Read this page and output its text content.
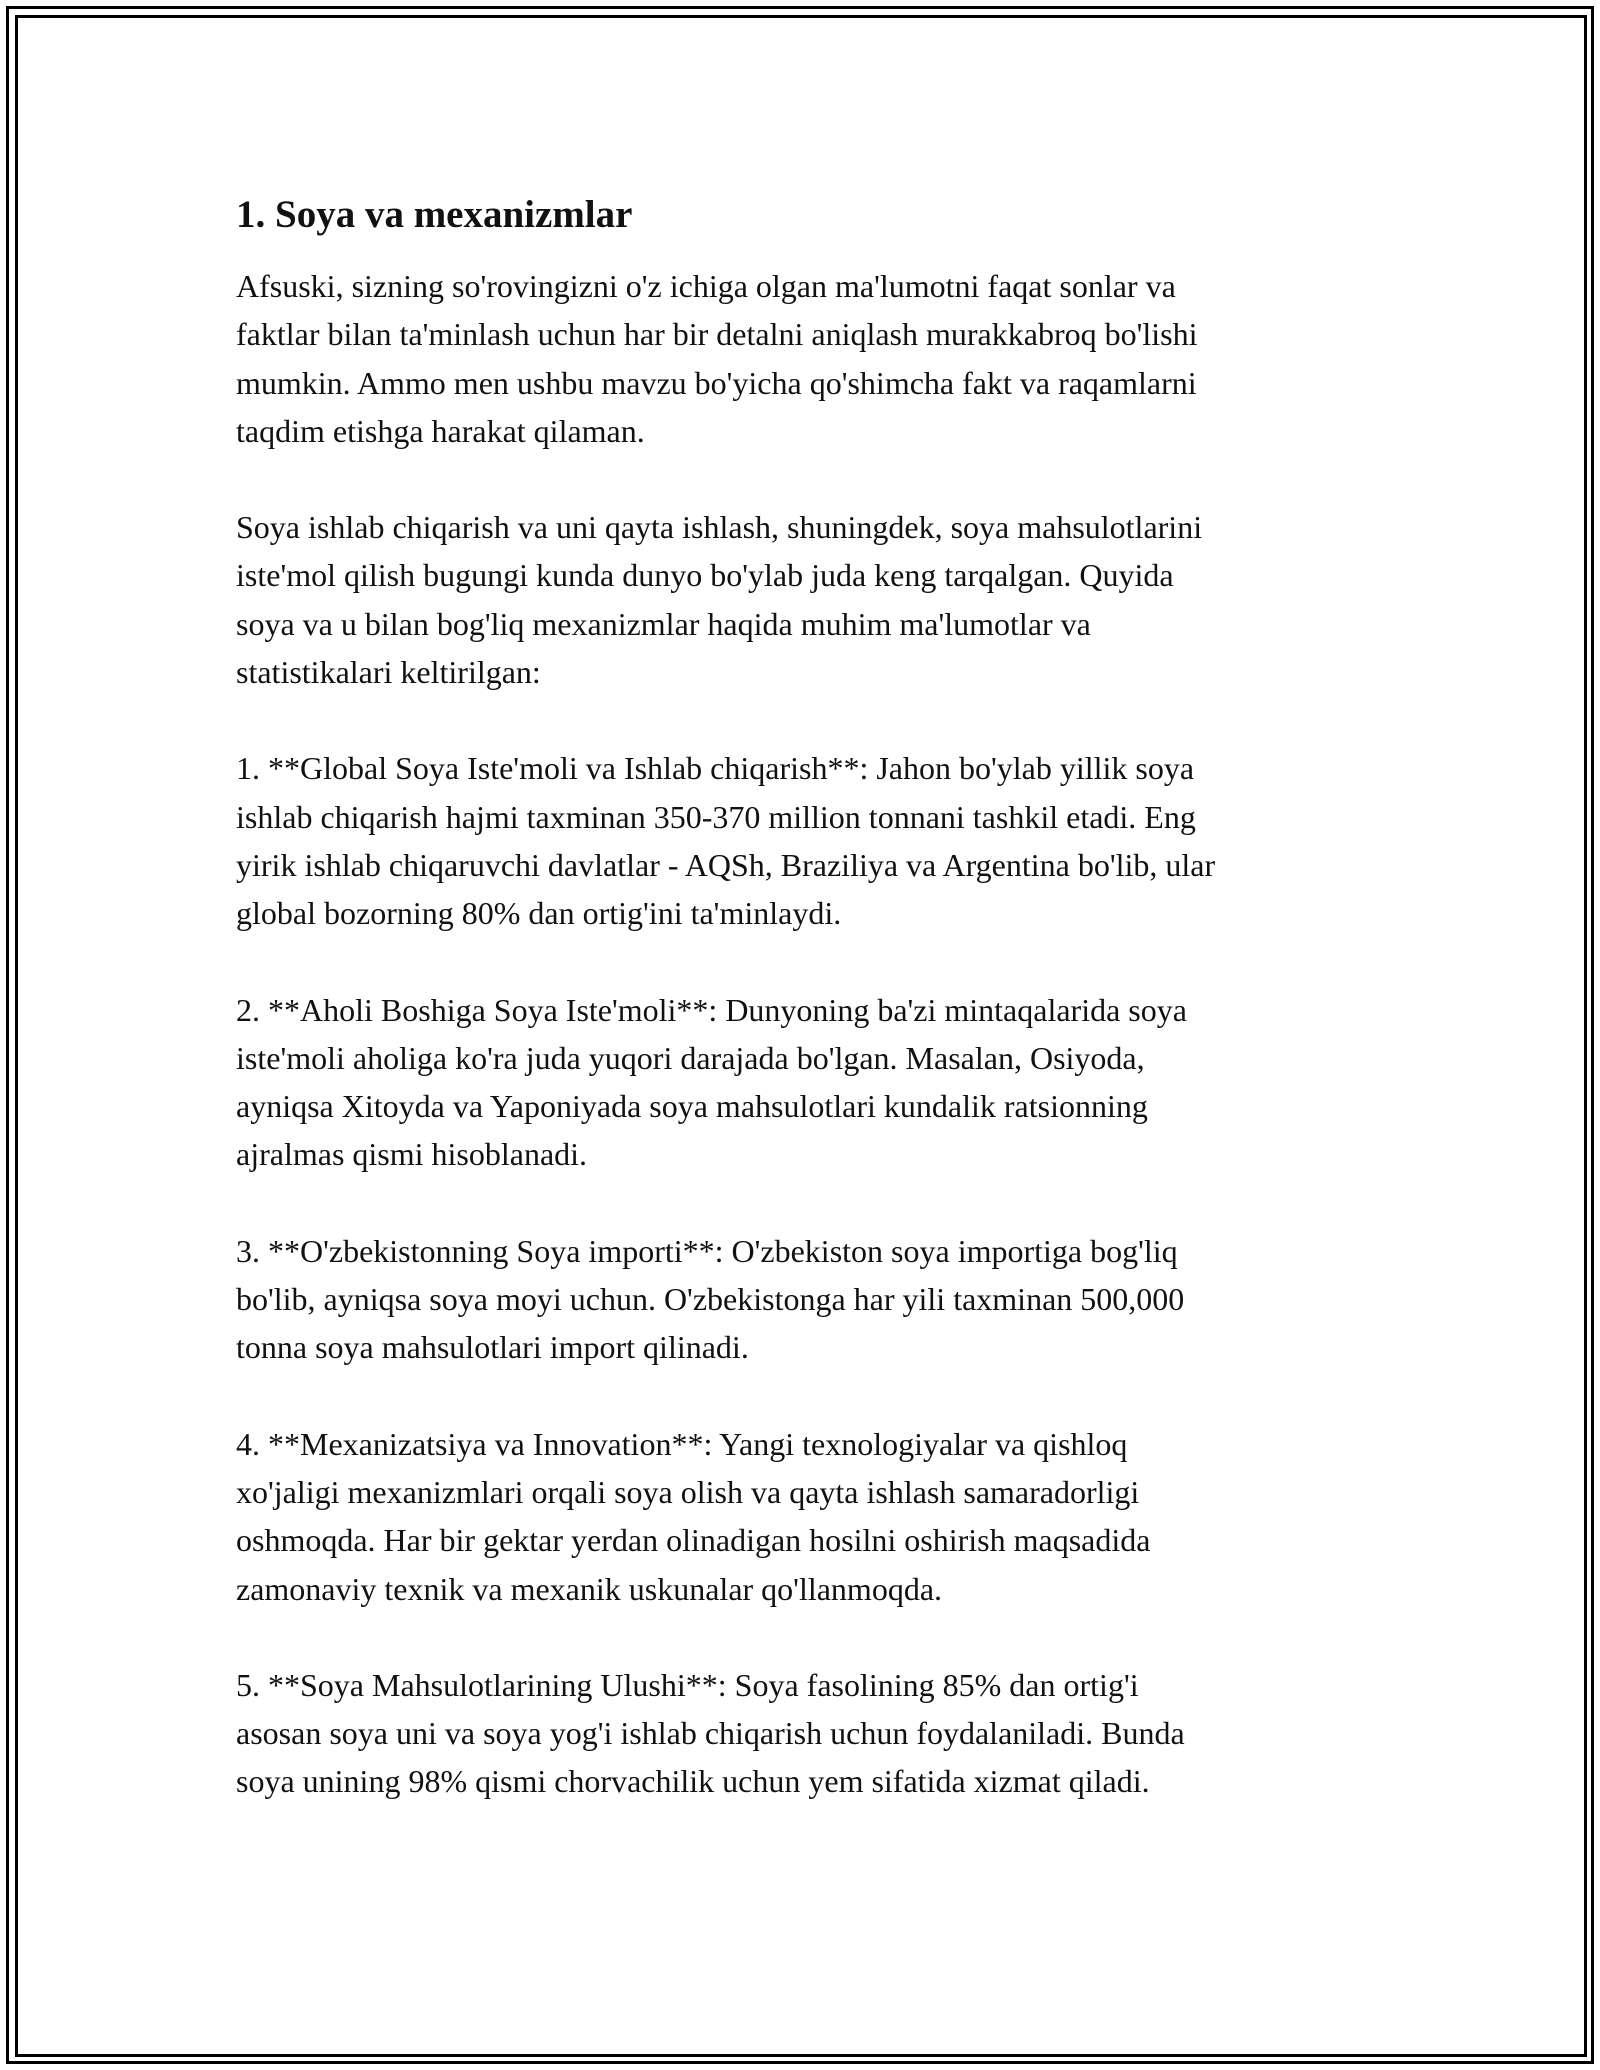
1. Soya va mexanizmlar

Afsuski, sizning so'rovingizni o'z ichiga olgan ma'lumotni faqat sonlar va
faktlar bilan ta'minlash uchun har bir detalni aniqlash murakkabroq bo'lishi
mumkin. Ammo men ushbu mavzu bo'yicha qo'shimcha fakt va raqamlarni
taqdim etishga harakat qilaman.

Soya ishlab chiqarish va uni qayta ishlash, shuningdek, soya mahsulotlarini
iste'mol qilish bugungi kunda dunyo bo'ylab juda keng tarqalgan. Quyida
soya va u bilan bog'liq mexanizmlar haqida muhim ma'lumotlar va
statistikalari keltirilgan:

1. **Global Soya Iste'moli va Ishlab chiqarish**: Jahon bo'ylab yillik soya
ishlab chiqarish hajmi taxminan 350-370 million tonnani tashkil etadi. Eng
yirik ishlab chiqaruvchi davlatlar - AQSh, Braziliya va Argentina bo'lib, ular
global bozorning 80% dan ortig'ini ta'minlaydi.

2. **Aholi Boshiga Soya Iste'moli**: Dunyoning ba'zi mintaqalarida soya
iste'moli aholiga ko'ra juda yuqori darajada bo'lgan. Masalan, Osiyoda,
ayniqsa Xitoyda va Yaponiyada soya mahsulotlari kundalik ratsionning
ajralmas qismi hisoblanadi.

3. **O'zbekistonning Soya importi**: O'zbekiston soya importiga bog'liq
bo'lib, ayniqsa soya moyi uchun. O'zbekistonga har yili taxminan 500,000
tonna soya mahsulotlari import qilinadi.

4. **Mexanizatsiya va Innovation**: Yangi texnologiyalar va qishloq
xo'jaligi mexanizmlari orqali soya olish va qayta ishlash samaradorligi
oshmoqda. Har bir gektar yerdan olinadigan hosilni oshirish maqsadida
zamonaviy texnik va mexanik uskunalar qo'llanmoqda.

5. **Soya Mahsulotlarining Ulushi**: Soya fasolining 85% dan ortig'i
asosan soya uni va soya yog'i ishlab chiqarish uchun foydalaniladi. Bunda
soya unining 98% qismi chorvachilik uchun yem sifatida xizmat qiladi.
